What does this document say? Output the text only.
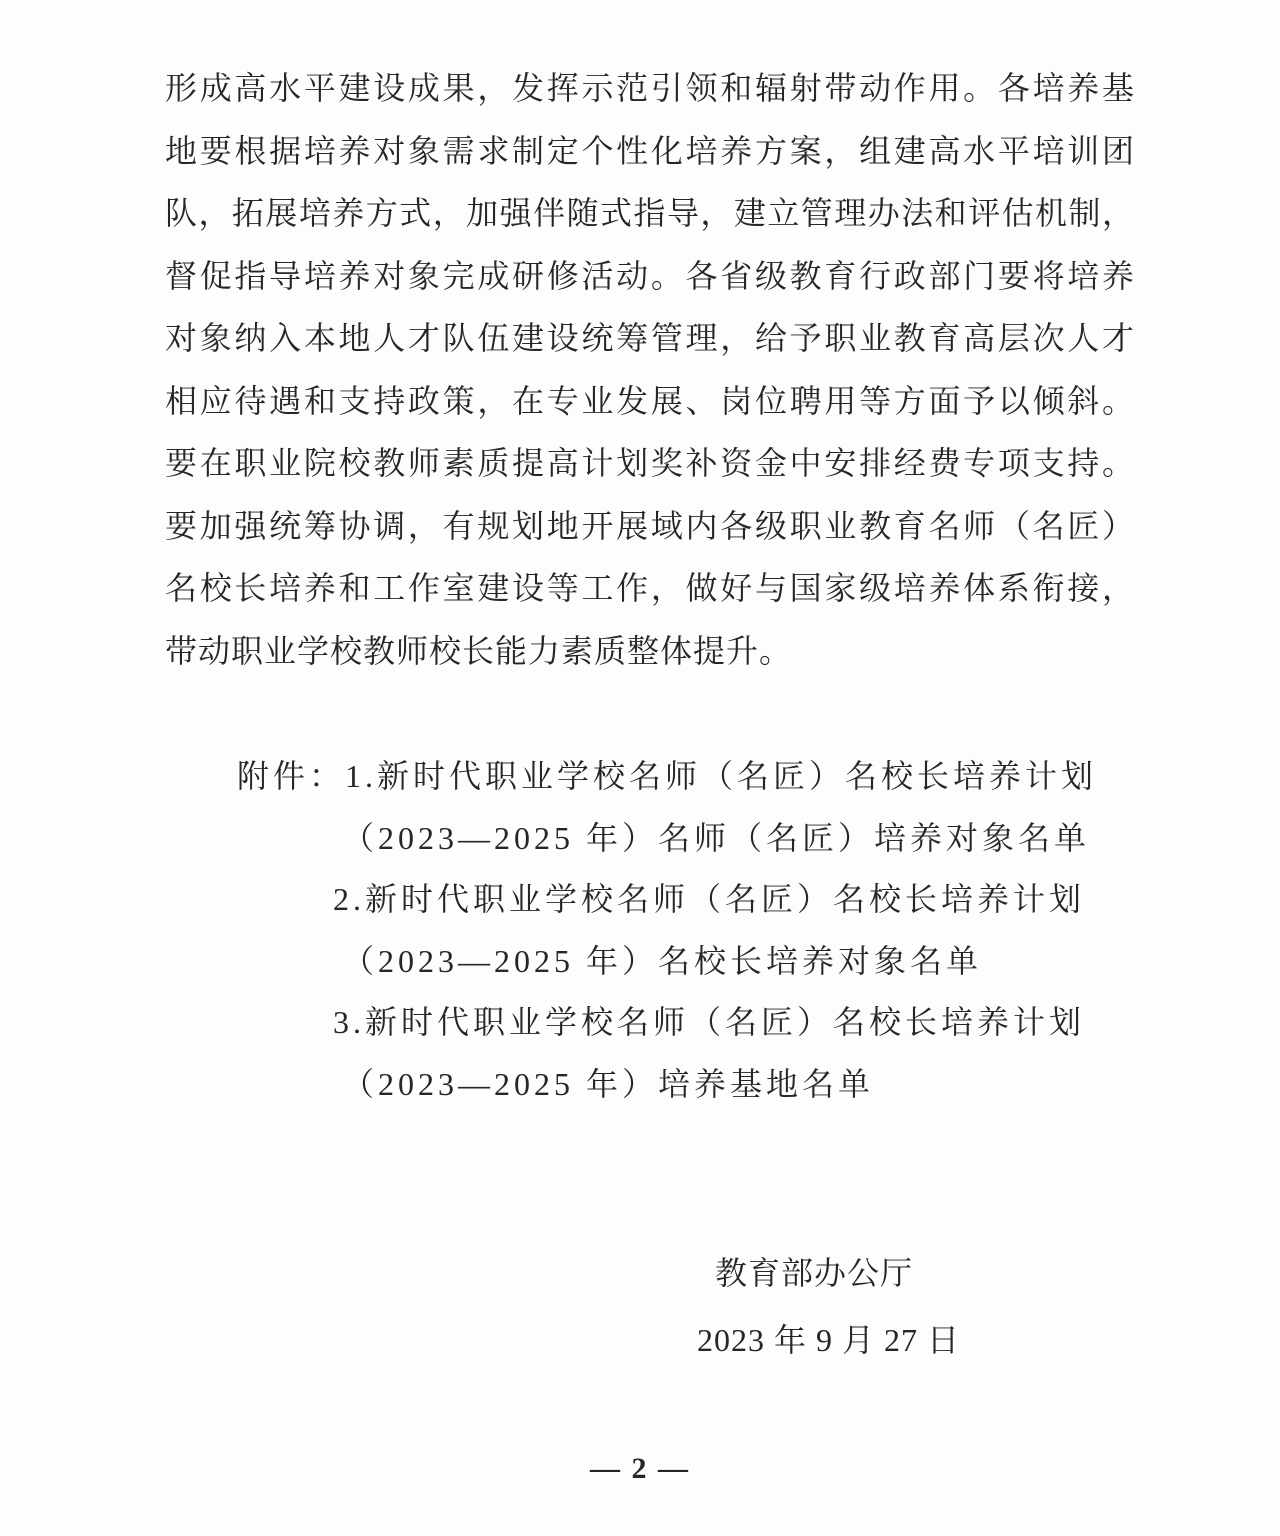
形成高水平建设成果，发挥示范引领和辐射带动作用。各培养基
地要根据培养对象需求制定个性化培养方案，组建高水平培训团
队，拓展培养方式，加强伴随式指导，建立管理办法和评估机制，
督促指导培养对象完成研修活动。各省级教育行政部门要将培养
对象纳入本地人才队伍建设统筹管理，给予职业教育高层次人才
相应待遇和支持政策，在专业发展、岗位聘用等方面予以倾斜。
要在职业院校教师素质提高计划奖补资金中安排经费专项支持。
要加强统筹协调，有规划地开展域内各级职业教育名师（名匠）
名校长培养和工作室建设等工作，做好与国家级培养体系衔接，
带动职业学校教师校长能力素质整体提升。
附件：1.新时代职业学校名师（名匠）名校长培养计划
（2023—2025 年）名师（名匠）培养对象名单
2.新时代职业学校名师（名匠）名校长培养计划
（2023—2025 年）名校长培养对象名单
3.新时代职业学校名师（名匠）名校长培养计划
（2023—2025 年）培养基地名单
教育部办公厅
2023 年 9 月 27 日
— 2 —
